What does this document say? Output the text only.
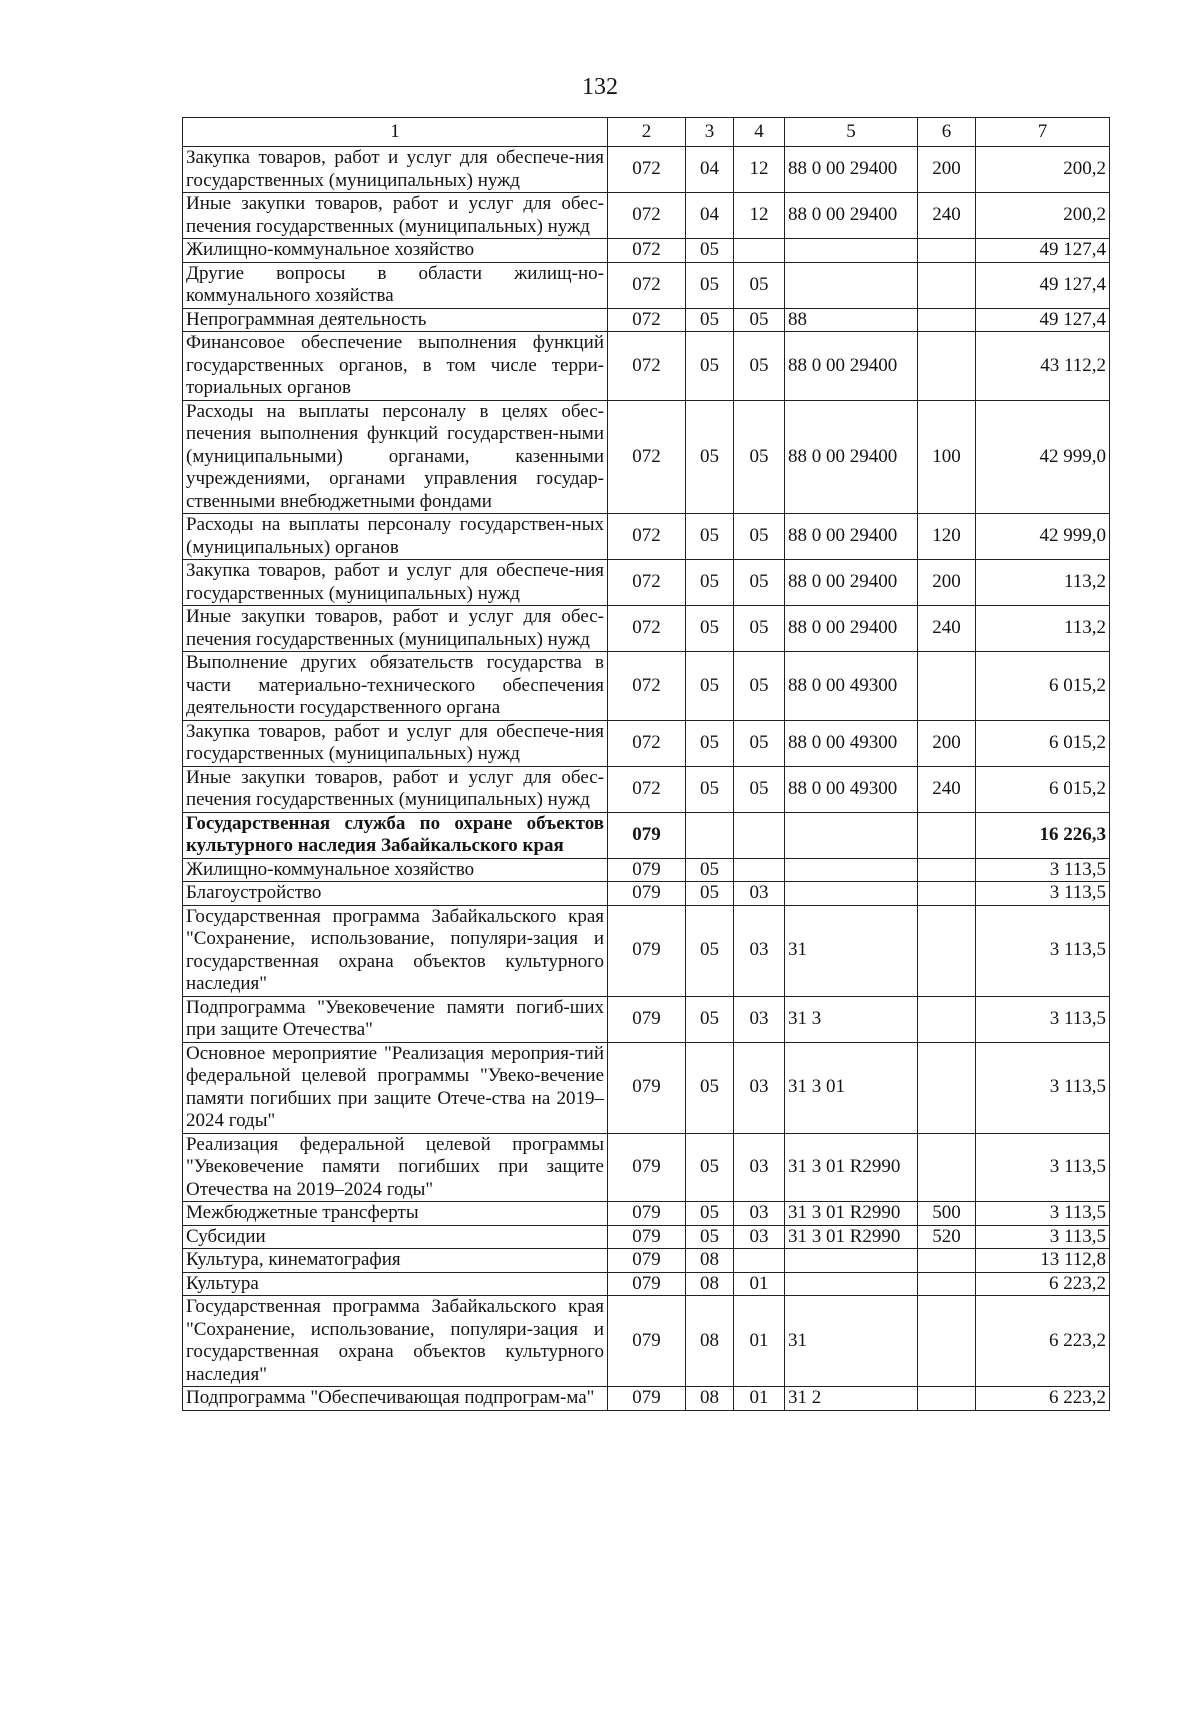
132
1	2	3	4	5	6	7
Закупка товаров, работ и услуг для обеспече-ния государственных (муниципальных) нужд	072	04	12	88 0 00 29400	200	200,2
Иные закупки товаров, работ и услуг для обес-печения государственных (муниципальных) нужд	072	04	12	88 0 00 29400	240	200,2
Жилищно-коммунальное хозяйство	072	05				49 127,4
Другие вопросы в области жилищ-но-коммунального хозяйства	072	05	05			49 127,4
Непрограммная деятельность	072	05	05	88		49 127,4
Финансовое обеспечение выполнения функций государственных органов, в том числе терри-ториальных органов	072	05	05	88 0 00 29400		43 112,2
Расходы на выплаты персоналу в целях обес-печения выполнения функций государствен-ными (муниципальными) органами, казенными учреждениями, органами управления государ-ственными внебюджетными фондами	072	05	05	88 0 00 29400	100	42 999,0
Расходы на выплаты персоналу государствен-ных (муниципальных) органов	072	05	05	88 0 00 29400	120	42 999,0
Закупка товаров, работ и услуг для обеспече-ния государственных (муниципальных) нужд	072	05	05	88 0 00 29400	200	113,2
Иные закупки товаров, работ и услуг для обес-печения государственных (муниципальных) нужд	072	05	05	88 0 00 29400	240	113,2
Выполнение других обязательств государства в части материально-технического обеспечения деятельности государственного органа	072	05	05	88 0 00 49300		6 015,2
Закупка товаров, работ и услуг для обеспече-ния государственных (муниципальных) нужд	072	05	05	88 0 00 49300	200	6 015,2
Иные закупки товаров, работ и услуг для обес-печения государственных (муниципальных) нужд	072	05	05	88 0 00 49300	240	6 015,2
Государственная служба по охране объектов культурного наследия Забайкальского края	079					16 226,3
Жилищно-коммунальное хозяйство	079	05				3 113,5
Благоустройство	079	05	03			3 113,5
Государственная программа Забайкальского края "Сохранение, использование, популяри-зация и государственная охрана объектов культурного наследия"	079	05	03	31		3 113,5
Подпрограмма "Увековечение памяти погиб-ших при защите Отечества"	079	05	03	31 3		3 113,5
Основное мероприятие "Реализация мероприя-тий федеральной целевой программы "Увеко-вечение памяти погибших при защите Отече-ства на 2019–2024 годы"	079	05	03	31 3 01		3 113,5
Реализация федеральной целевой программы "Увековечение памяти погибших при защите Отечества на 2019–2024 годы"	079	05	03	31 3 01 R2990		3 113,5
Межбюджетные трансферты	079	05	03	31 3 01 R2990	500	3 113,5
Субсидии	079	05	03	31 3 01 R2990	520	3 113,5
Культура, кинематография	079	08				13 112,8
Культура	079	08	01			6 223,2
Государственная программа Забайкальского края "Сохранение, использование, популяри-зация и государственная охрана объектов культурного наследия"	079	08	01	31		6 223,2
Подпрограмма "Обеспечивающая подпрограм-ма"	079	08	01	31 2		6 223,2
